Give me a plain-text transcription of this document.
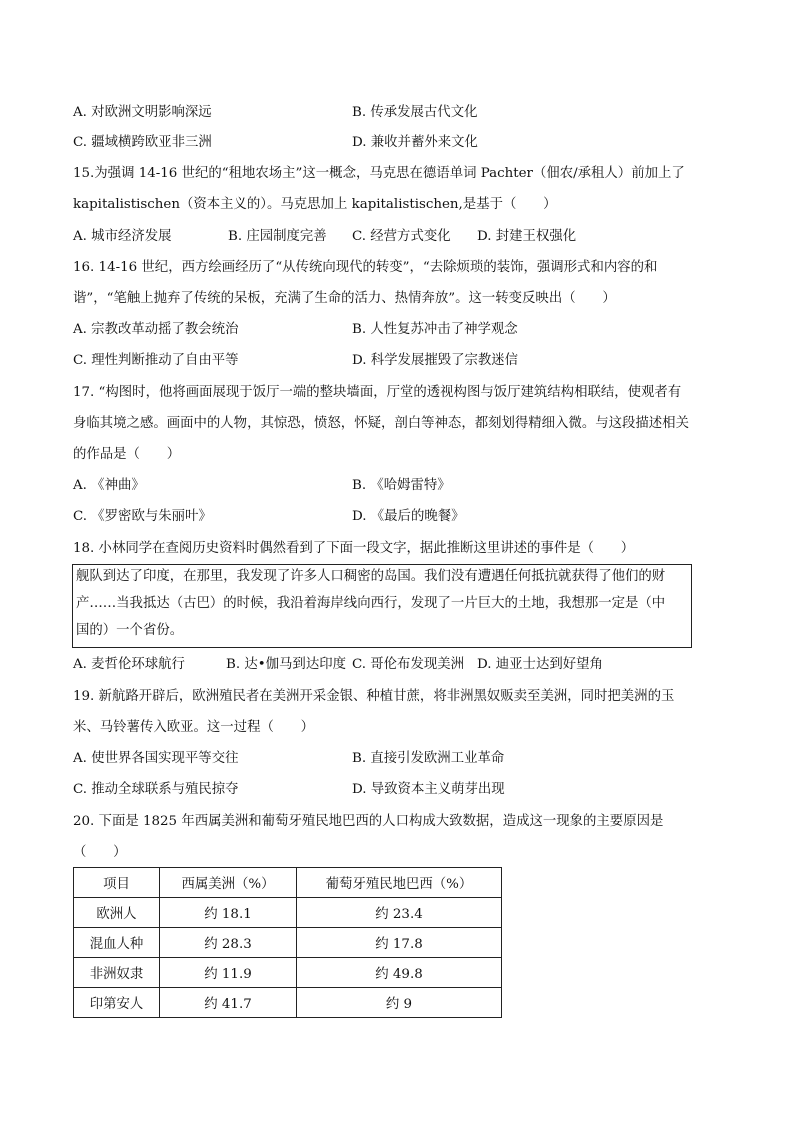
A. 对欧洲文明影响深远	B. 传承发展古代文化
C. 疆域横跨欧亚非三洲	D. 兼收并蓄外来文化
15.为强调 14-16 世纪的“租地农场主”这一概念，马克思在德语单词 Pachter（佃农/承租人）前加上了
kapitalistischen（资本主义的）。马克思加上 kapitalistischen,是基于（　　）
A. 城市经济发展	B. 庄园制度完善 C. 经营方式变化 D. 封建王权强化
16. 14-16 世纪，西方绘画经历了“从传统向现代的转变”，“去除烦琐的装饰，强调形式和内容的和
谐”，“笔触上抛弃了传统的呆板，充满了生命的活力、热情奔放”。这一转变反映出（　　）
A. 宗教改革动摇了教会统治	B. 人性复苏冲击了神学观念
C. 理性判断推动了自由平等	D. 科学发展摧毁了宗教迷信
17. “构图时，他将画面展现于饭厅一端的整块墙面，厅堂的透视构图与饭厅建筑结构相联结，使观者有
身临其境之感。画面中的人物，其惊恐，愤怒，怀疑，剖白等神态，都刻划得精细入微。与这段描述相关
的作品是（　　）
A. 《神曲》	B. 《哈姆雷特》
C. 《罗密欧与朱丽叶》	D. 《最后的晚餐》
18. 小林同学在查阅历史资料时偶然看到了下面一段文字，据此推断这里讲述的事件是（　　）
舰队到达了印度，在那里，我发现了许多人口稠密的岛国。我们没有遭遇任何抵抗就获得了他们的财
产……当我抵达（古巴）的时候，我沿着海岸线向西行，发现了一片巨大的土地，我想那一定是（中
国的）一个省份。
A. 麦哲伦环球航行	B. 达•伽马到达印度 C. 哥伦布发现美洲 D. 迪亚士达到好望角
19. 新航路开辟后，欧洲殖民者在美洲开采金银、种植甘蔗，将非洲黑奴贩卖至美洲，同时把美洲的玉
米、马铃薯传入欧亚。这一过程（　　）
A. 使世界各国实现平等交往	B. 直接引发欧洲工业革命
C. 推动全球联系与殖民掠夺	D. 导致资本主义萌芽出现
20. 下面是 1825 年西属美洲和葡萄牙殖民地巴西的人口构成大致数据，造成这一现象的主要原因是
（　　）
项目	西属美洲（%）	葡萄牙殖民地巴西（%）
欧洲人	约 18.1	约 23.4
混血人种	约 28.3	约 17.8
非洲奴隶	约 11.9	约 49.8
印第安人	约 41.7	约 9
